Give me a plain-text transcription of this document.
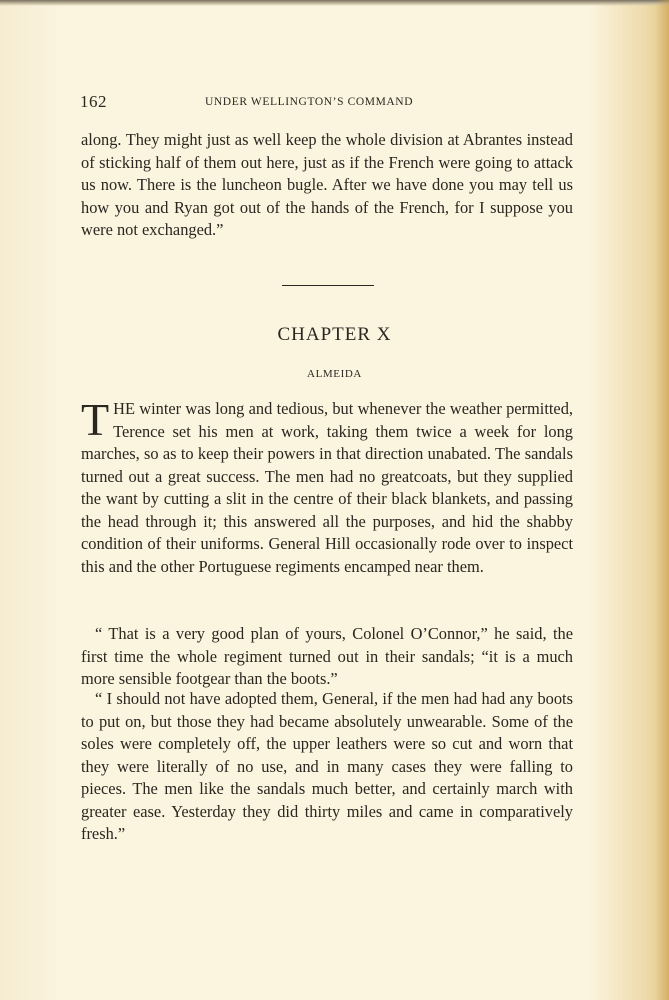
162	UNDER WELLINGTON’S COMMAND

along. They might just as well keep the whole division at Abrantes instead of sticking half of them out here, just as if the French were going to attack us now. There is the luncheon bugle. After we have done you may tell us how you and Ryan got out of the hands of the French, for I suppose you were not exchanged.”

CHAPTER X

ALMEIDA

THE winter was long and tedious, but whenever the weather permitted, Terence set his men at work, taking them twice a week for long marches, so as to keep their powers in that direction unabated. The sandals turned out a great success. The men had no greatcoats, but they supplied the want by cutting a slit in the centre of their black blankets, and passing the head through it; this answered all the purposes, and hid the shabby condition of their uniforms. General Hill occasionally rode over to inspect this and the other Portuguese regiments encamped near them.

“ That is a very good plan of yours, Colonel O’Connor,” he said, the first time the whole regiment turned out in their sandals; “it is a much more sensible footgear than the boots.”

“ I should not have adopted them, General, if the men had had any boots to put on, but those they had became absolutely unwearable. Some of the soles were completely off, the upper leathers were so cut and worn that they were literally of no use, and in many cases they were falling to pieces. The men like the sandals much better, and certainly march with greater ease. Yesterday they did thirty miles and came in comparatively fresh.”
